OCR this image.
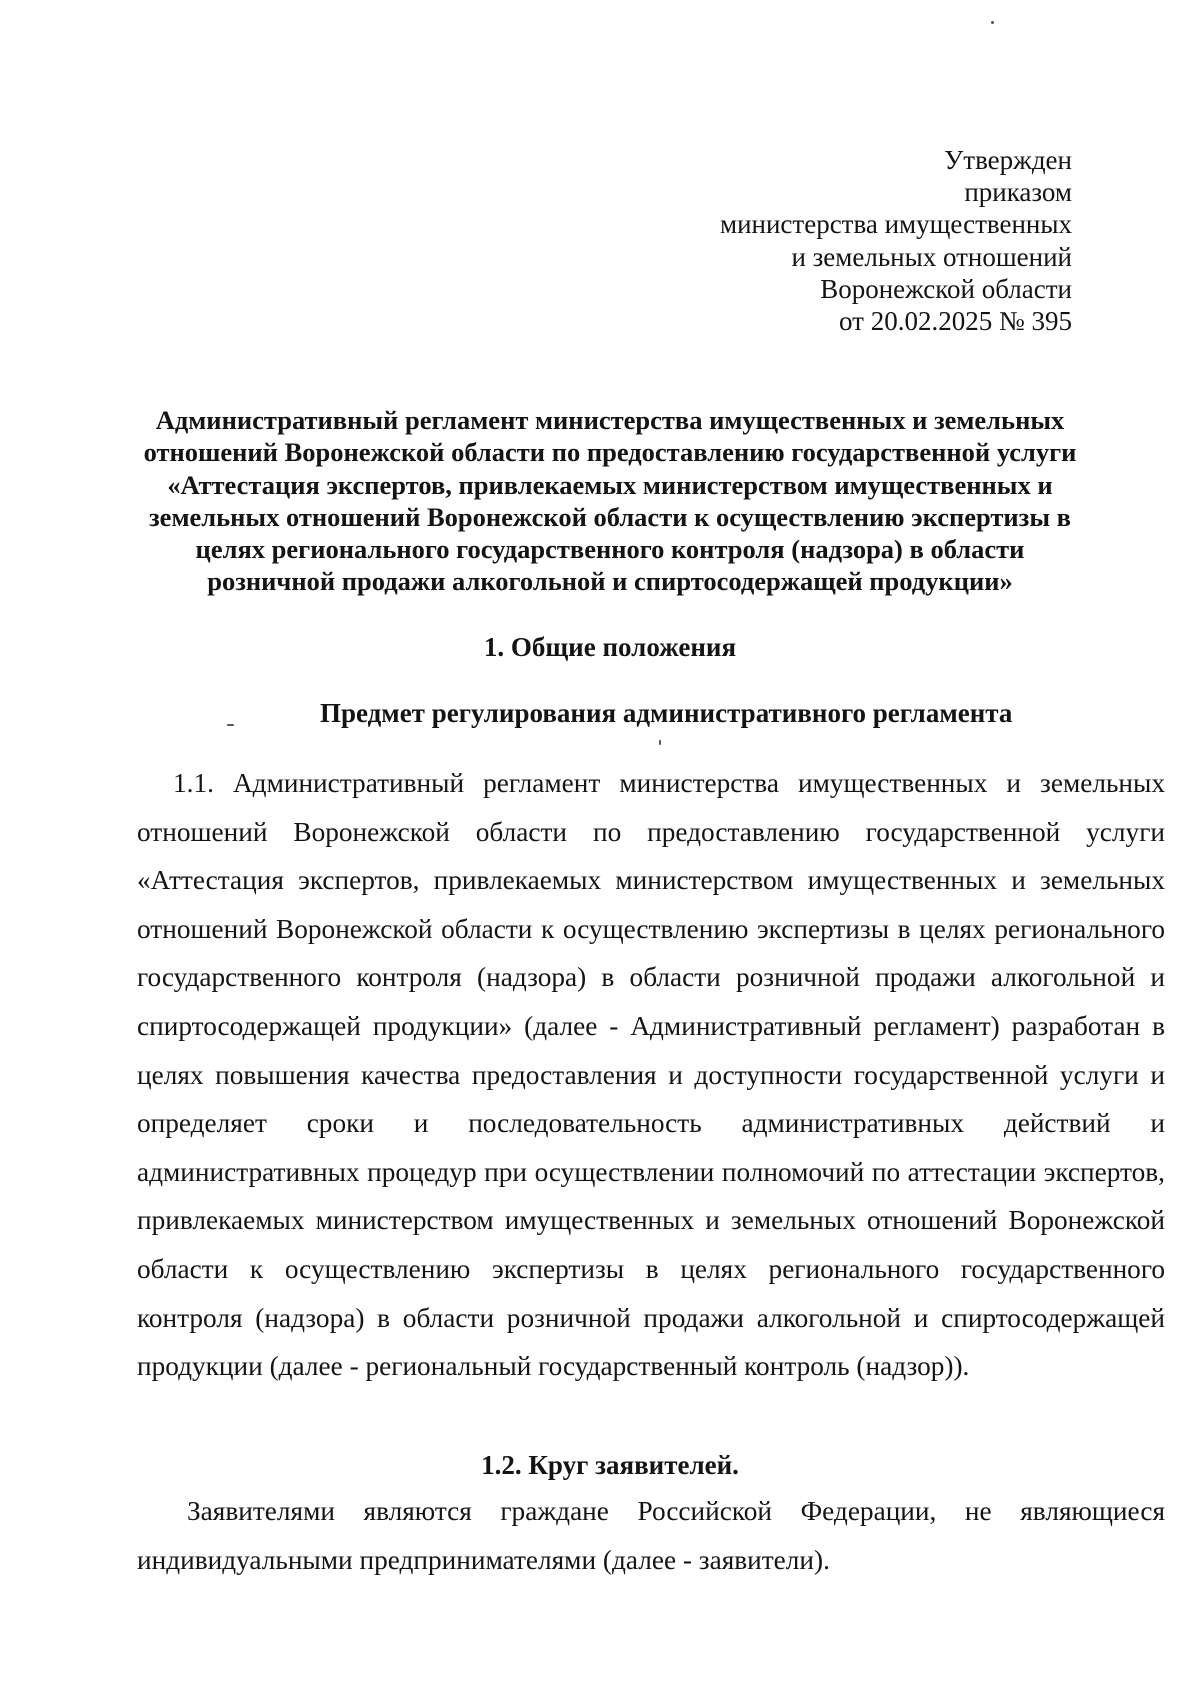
Утвержден
приказом
министерства имущественных
и земельных отношений
Воронежской области
от 20.02.2025 № 395
Административный регламент министерства имущественных и земельных
отношений Воронежской области по предоставлению государственной услуги
«Аттестация экспертов, привлекаемых министерством имущественных и
земельных отношений Воронежской области к осуществлению экспертизы в
целях регионального государственного контроля (надзора) в области
розничной продажи алкогольной и спиртосодержащей продукции»
1. Общие положения
Предмет регулирования административного регламента
1.1. Административный регламент министерства имущественных и земельных отношений Воронежской области по предоставлению государственной услуги «Аттестация экспертов, привлекаемых министерством имущественных и земельных отношений Воронежской области к осуществлению экспертизы в целях регионального государственного контроля (надзора) в области розничной продажи алкогольной и спиртосодержащей продукции» (далее - Административный регламент) разработан в целях повышения качества предоставления и доступности государственной услуги и определяет сроки и последовательность административных действий и административных процедур при осуществлении полномочий по аттестации экспертов, привлекаемых министерством имущественных и земельных отношений Воронежской области к осуществлению экспертизы в целях регионального государственного контроля (надзора) в области розничной продажи алкогольной и спиртосодержащей продукции (далее - региональный государственный контроль (надзор)).
1.2. Круг заявителей.
Заявителями являются граждане Российской Федерации, не являющиеся индивидуальными предпринимателями (далее - заявители).
